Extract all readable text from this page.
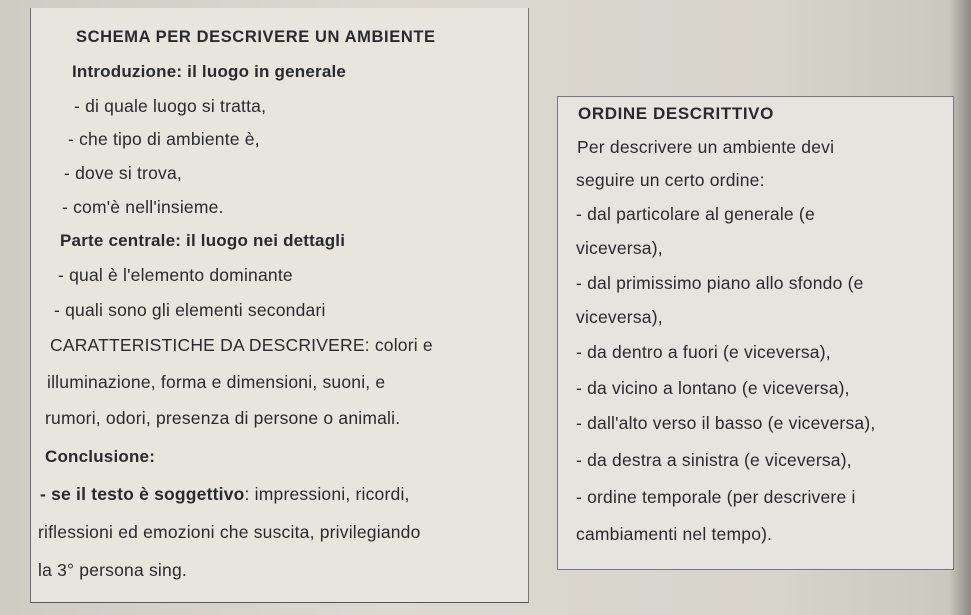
SCHEMA PER DESCRIVERE UN AMBIENTE
Introduzione: il luogo in generale
- di quale luogo si tratta,
- che tipo di ambiente è,
- dove si trova,
- com'è nell'insieme.
Parte centrale: il luogo nei dettagli
- qual è l'elemento dominante
- quali sono gli elementi secondari
CARATTERISTICHE DA DESCRIVERE: colori e
illuminazione, forma e dimensioni, suoni, e
rumori, odori, presenza di persone o animali.
Conclusione:
- se il testo è soggettivo: impressioni, ricordi,
riflessioni ed emozioni che suscita, privilegiando
la 3° persona sing.
ORDINE DESCRITTIVO
Per descrivere un ambiente devi
seguire un certo ordine:
- dal particolare al generale (e
viceversa),
- dal primissimo piano allo sfondo (e
viceversa),
- da dentro a fuori (e viceversa),
- da vicino a lontano (e viceversa),
- dall'alto verso il basso (e viceversa),
- da destra a sinistra (e viceversa),
- ordine temporale (per descrivere i
cambiamenti nel tempo).
